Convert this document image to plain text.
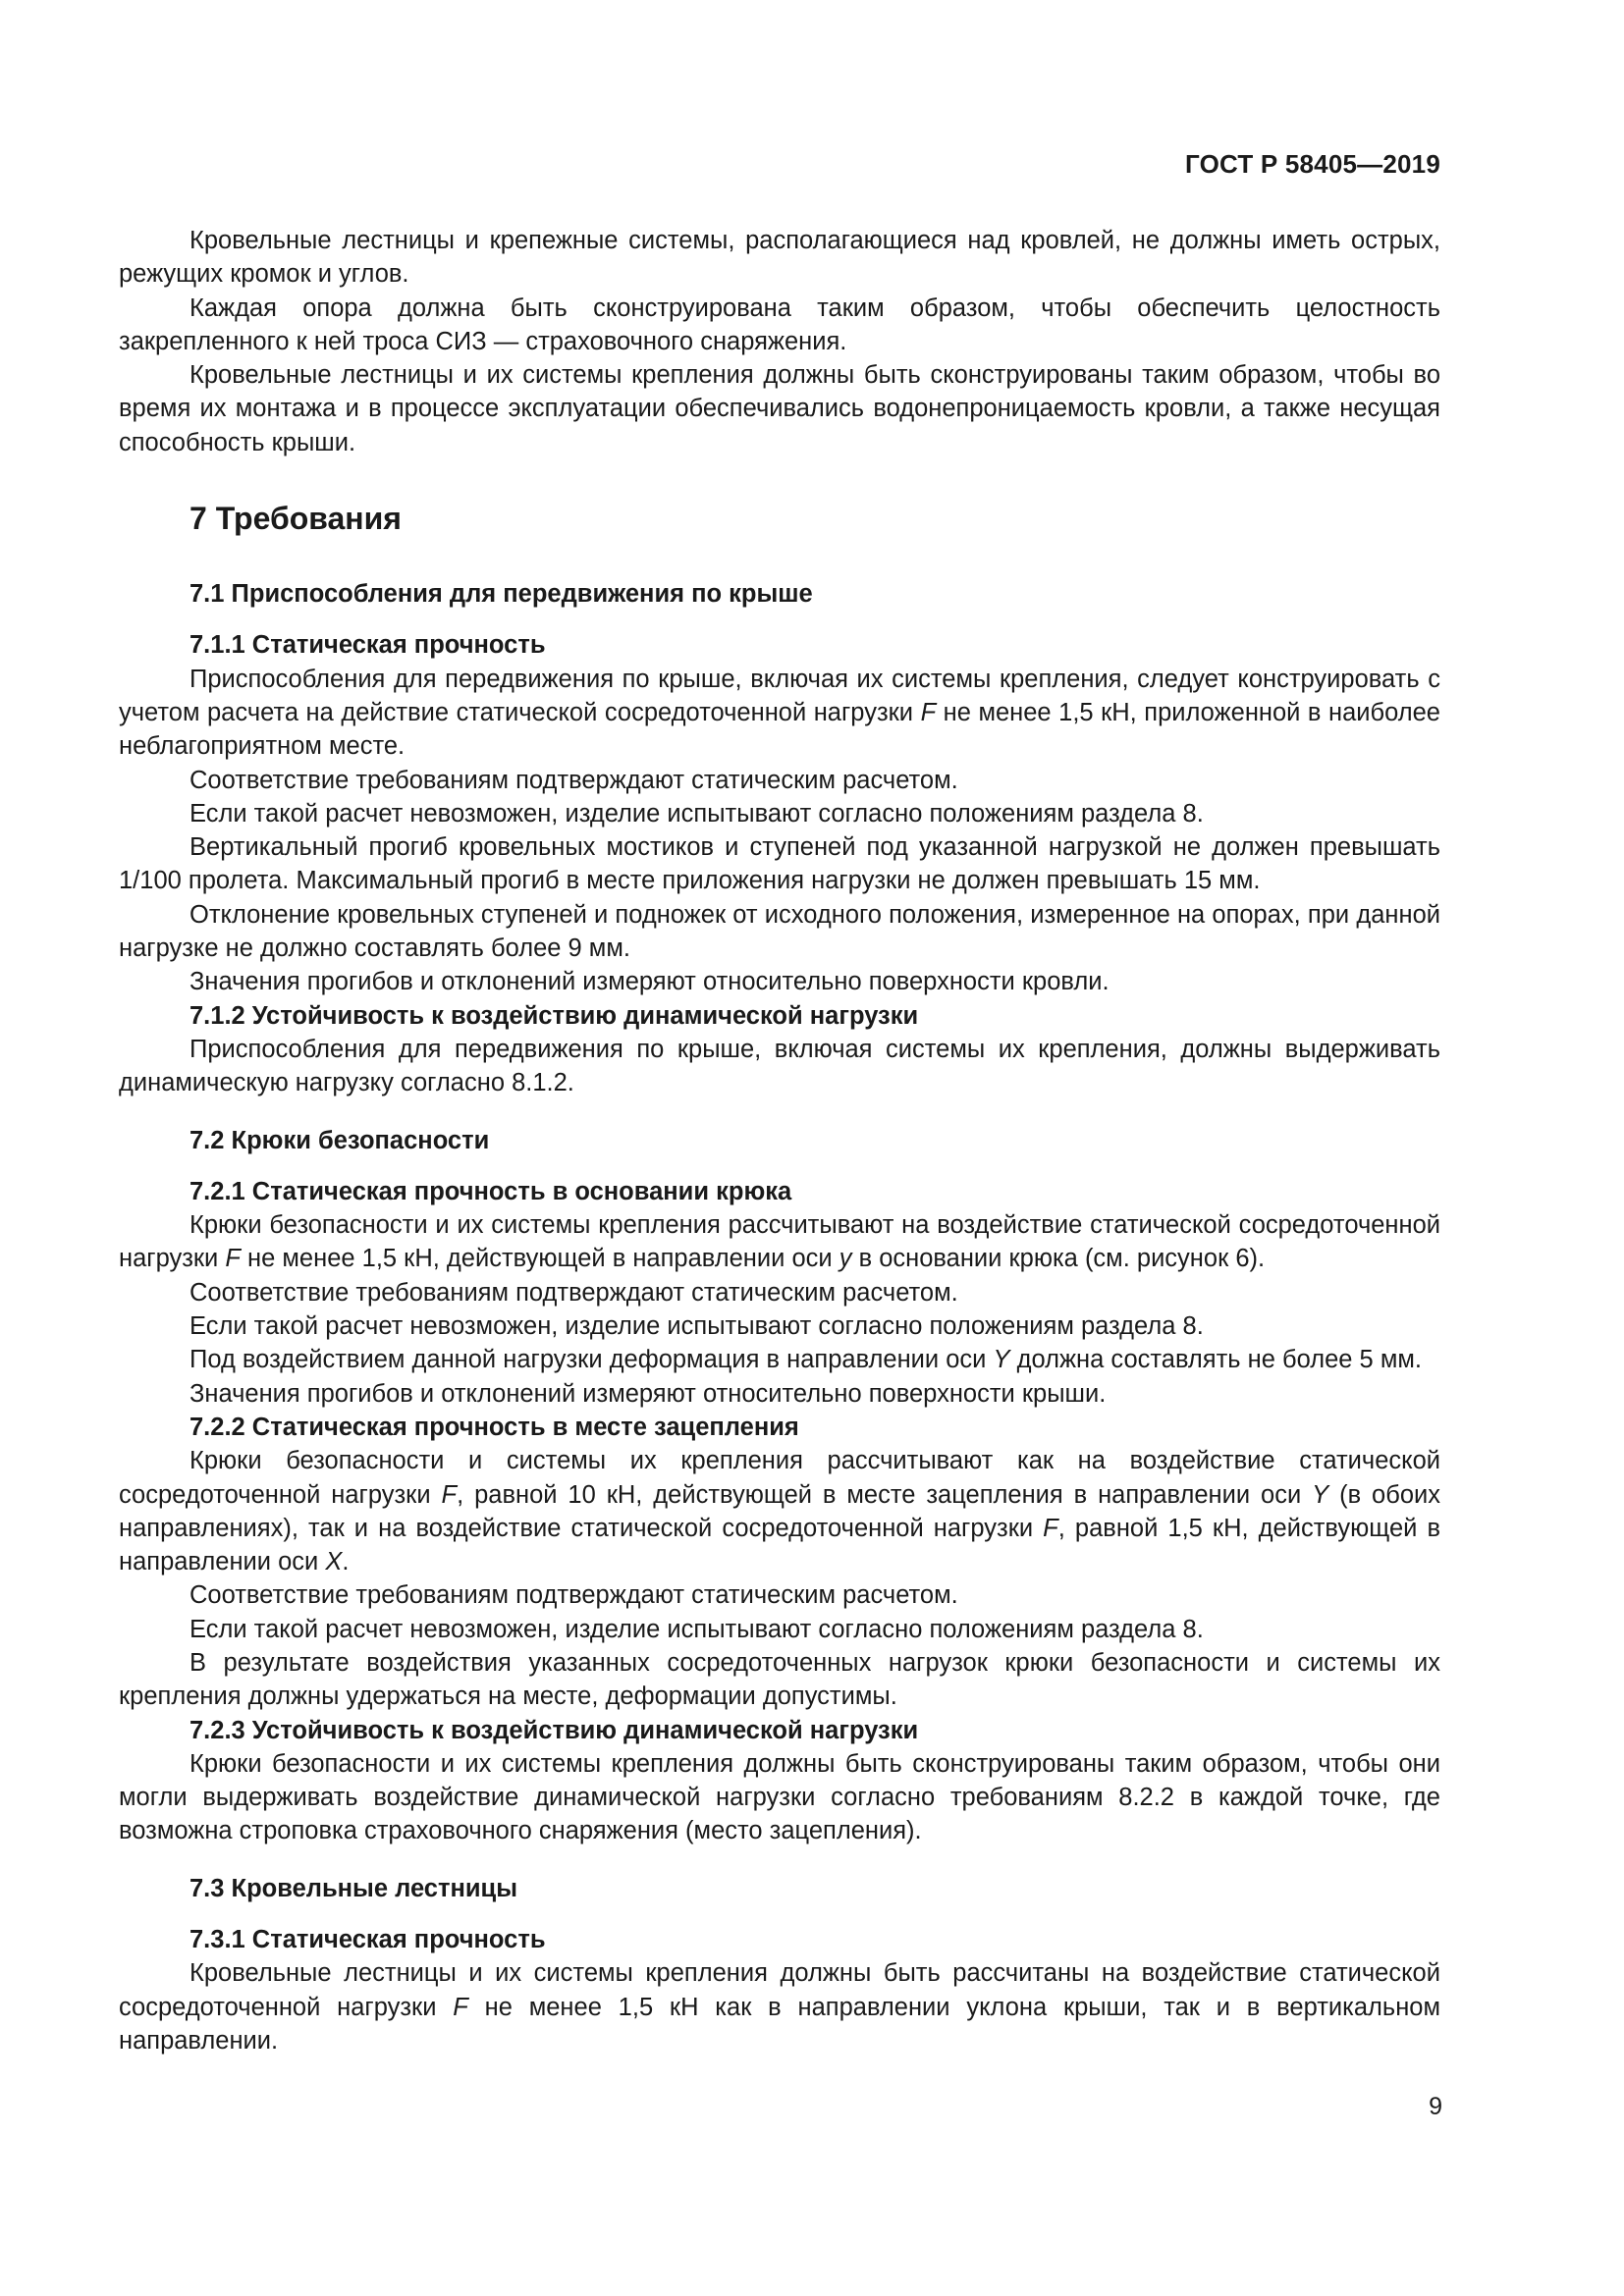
ГОСТ Р 58405—2019

Кровельные лестницы и крепежные системы, располагающиеся над кровлей, не должны иметь острых, режущих кромок и углов.

Каждая опора должна быть сконструирована таким образом, чтобы обеспечить целостность закрепленного к ней троса СИЗ — страховочного снаряжения.

Кровельные лестницы и их системы крепления должны быть сконструированы таким образом, чтобы во время их монтажа и в процессе эксплуатации обеспечивались водонепроницаемость кровли, а также несущая способность крыши.

7 Требования
7.1 Приспособления для передвижения по крыше
7.1.1 Статическая прочность

Приспособления для передвижения по крыше, включая их системы крепления, следует конструировать с учетом расчета на действие статической сосредоточенной нагрузки F не менее 1,5 кН, приложенной в наиболее неблагоприятном месте.

Соответствие требованиям подтверждают статическим расчетом.

Если такой расчет невозможен, изделие испытывают согласно положениям раздела 8.

Вертикальный прогиб кровельных мостиков и ступеней под указанной нагрузкой не должен превышать 1/100 пролета. Максимальный прогиб в месте приложения нагрузки не должен превышать 15 мм.

Отклонение кровельных ступеней и подножек от исходного положения, измеренное на опорах, при данной нагрузке не должно составлять более 9 мм.

Значения прогибов и отклонений измеряют относительно поверхности кровли.

7.1.2 Устойчивость к воздействию динамической нагрузки

Приспособления для передвижения по крыше, включая системы их крепления, должны выдерживать динамическую нагрузку согласно 8.1.2.

7.2 Крюки безопасности
7.2.1 Статическая прочность в основании крюка

Крюки безопасности и их системы крепления рассчитывают на воздействие статической сосредоточенной нагрузки F не менее 1,5 кН, действующей в направлении оси y в основании крюка (см. рисунок 6).

Соответствие требованиям подтверждают статическим расчетом.

Если такой расчет невозможен, изделие испытывают согласно положениям раздела 8.

Под воздействием данной нагрузки деформация в направлении оси Y должна составлять не более 5 мм.

Значения прогибов и отклонений измеряют относительно поверхности крыши.

7.2.2 Статическая прочность в месте зацепления

Крюки безопасности и системы их крепления рассчитывают как на воздействие статической сосредоточенной нагрузки F, равной 10 кН, действующей в месте зацепления в направлении оси Y (в обоих направлениях), так и на воздействие статической сосредоточенной нагрузки F, равной 1,5 кН, действующей в направлении оси X.

Соответствие требованиям подтверждают статическим расчетом.

Если такой расчет невозможен, изделие испытывают согласно положениям раздела 8.

В результате воздействия указанных сосредоточенных нагрузок крюки безопасности и системы их крепления должны удержаться на месте, деформации допустимы.

7.2.3 Устойчивость к воздействию динамической нагрузки

Крюки безопасности и их системы крепления должны быть сконструированы таким образом, чтобы они могли выдерживать воздействие динамической нагрузки согласно требованиям 8.2.2 в каждой точке, где возможна строповка страховочного снаряжения (место зацепления).

7.3 Кровельные лестницы
7.3.1 Статическая прочность

Кровельные лестницы и их системы крепления должны быть рассчитаны на воздействие статической сосредоточенной нагрузки F не менее 1,5 кН как в направлении уклона крыши, так и в вертикальном направлении.

9
